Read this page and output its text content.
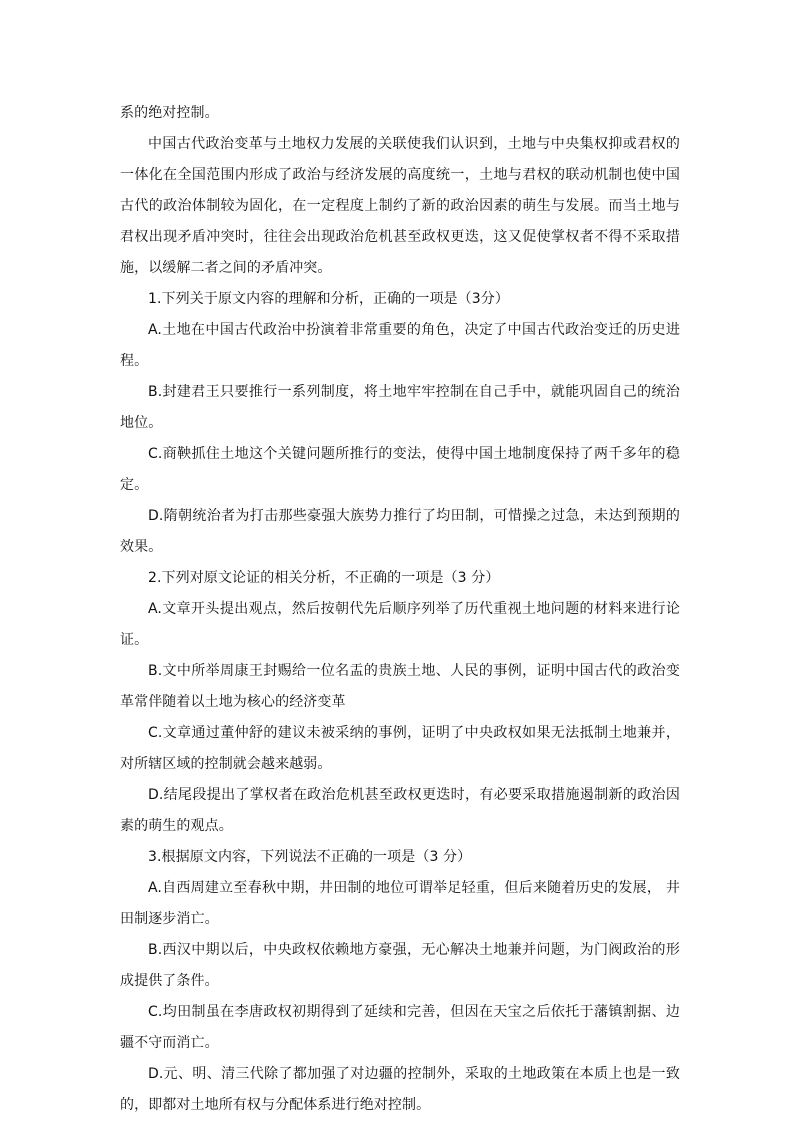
系的绝对控制。

中国古代政治变革与土地权力发展的关联使我们认识到，土地与中央集权抑或君权的一体化在全国范围内形成了政治与经济发展的高度统一，土地与君权的联动机制也使中国古代的政治体制较为固化，在一定程度上制约了新的政治因素的萌生与发展。而当土地与君权出现矛盾冲突时，往往会出现政治危机甚至政权更迭，这又促使掌权者不得不采取措施，以缓解二者之间的矛盾冲突。

1.下列关于原文内容的理解和分析，正确的一项是（3分）

A.土地在中国古代政治中扮演着非常重要的角色，决定了中国古代政治变迁的历史进程。

B.封建君王只要推行一系列制度，将土地牢牢控制在自己手中，就能巩固自己的统治地位。

C.商鞅抓住土地这个关键问题所推行的变法，使得中国土地制度保持了两千多年的稳定。

D.隋朝统治者为打击那些豪强大族势力推行了均田制，可惜操之过急，未达到预期的效果。

2.下列对原文论证的相关分析，不正确的一项是（3 分）

A.文章开头提出观点，然后按朝代先后顺序列举了历代重视土地问题的材料来进行论证。

B.文中所举周康王封赐给一位名盂的贵族土地、人民的事例，证明中国古代的政治变革常伴随着以土地为核心的经济变革

C.文章通过董仲舒的建议未被采纳的事例，证明了中央政权如果无法抵制土地兼并，对所辖区域的控制就会越来越弱。

D.结尾段提出了掌权者在政治危机甚至政权更迭时，有必要采取措施遏制新的政治因素的萌生的观点。

3.根据原文内容，下列说法不正确的一项是（3 分）

A.自西周建立至春秋中期，井田制的地位可谓举足轻重，但后来随着历史的发展， 井田制逐步消亡。

B.西汉中期以后，中央政权依赖地方豪强，无心解决土地兼并问题，为门阀政治的形成提供了条件。

C.均田制虽在李唐政权初期得到了延续和完善，但因在天宝之后依托于藩镇割据、边疆不守而消亡。

D.元、明、清三代除了都加强了对边疆的控制外，采取的土地政策在本质上也是一致的，即都对土地所有权与分配体系进行绝对控制。
